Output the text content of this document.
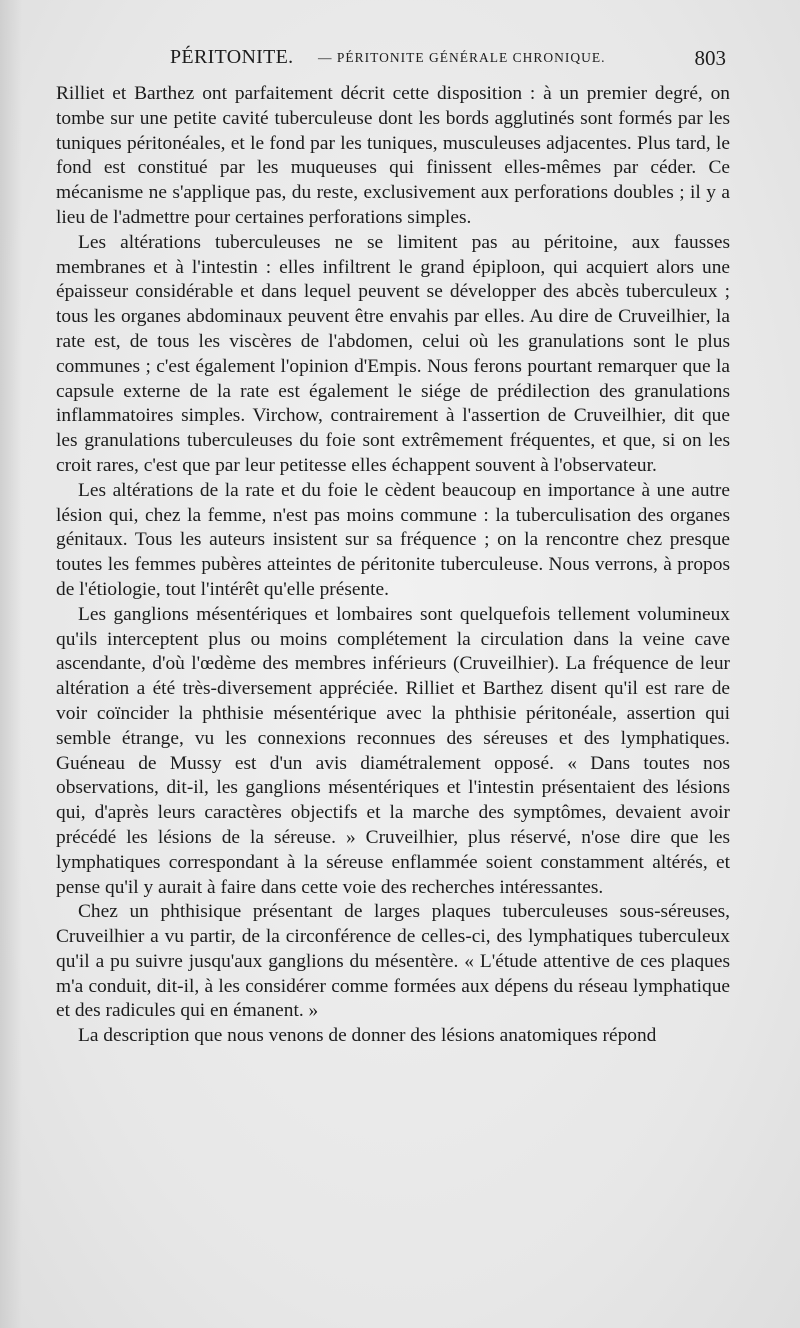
PÉRITONITE. — PÉRITONITE GÉNÉRALE CHRONIQUE.	803

Rilliet et Barthez ont parfaitement décrit cette disposition : à un premier degré, on tombe sur une petite cavité tuberculeuse dont les bords agglutinés sont formés par les tuniques péritonéales, et le fond par les tuniques, musculeuses adjacentes. Plus tard, le fond est constitué par les muqueuses qui finissent elles-mêmes par céder. Ce mécanisme ne s'applique pas, du reste, exclusivement aux perforations doubles ; il y a lieu de l'admettre pour certaines perforations simples.

Les altérations tuberculeuses ne se limitent pas au péritoine, aux fausses membranes et à l'intestin : elles infiltrent le grand épiploon, qui acquiert alors une épaisseur considérable et dans lequel peuvent se développer des abcès tuberculeux ; tous les organes abdominaux peuvent être envahis par elles. Au dire de Cruveilhier, la rate est, de tous les viscères de l'abdomen, celui où les granulations sont le plus communes ; c'est également l'opinion d'Empis. Nous ferons pourtant remarquer que la capsule externe de la rate est également le siége de prédilection des granulations inflammatoires simples. Virchow, contrairement à l'assertion de Cruveilhier, dit que les granulations tuberculeuses du foie sont extrêmement fréquentes, et que, si on les croit rares, c'est que par leur petitesse elles échappent souvent à l'observateur.

Les altérations de la rate et du foie le cèdent beaucoup en importance à une autre lésion qui, chez la femme, n'est pas moins commune : la tuberculisation des organes génitaux. Tous les auteurs insistent sur sa fréquence ; on la rencontre chez presque toutes les femmes pubères atteintes de péritonite tuberculeuse. Nous verrons, à propos de l'étiologie, tout l'intérêt qu'elle présente.

Les ganglions mésentériques et lombaires sont quelquefois tellement volumineux qu'ils interceptent plus ou moins complétement la circulation dans la veine cave ascendante, d'où l'œdème des membres inférieurs (Cruveilhier). La fréquence de leur altération a été très-diversement appréciée. Rilliet et Barthez disent qu'il est rare de voir coïncider la phthisie mésentérique avec la phthisie péritonéale, assertion qui semble étrange, vu les connexions reconnues des séreuses et des lymphatiques. Guéneau de Mussy est d'un avis diamétralement opposé. « Dans toutes nos observations, dit-il, les ganglions mésentériques et l'intestin présentaient des lésions qui, d'après leurs caractères objectifs et la marche des symptômes, devaient avoir précédé les lésions de la séreuse. » Cruveilhier, plus réservé, n'ose dire que les lymphatiques correspondant à la séreuse enflammée soient constamment altérés, et pense qu'il y aurait à faire dans cette voie des recherches intéressantes.

Chez un phthisique présentant de larges plaques tuberculeuses sous-séreuses, Cruveilhier a vu partir, de la circonférence de celles-ci, des lymphatiques tuberculeux qu'il a pu suivre jusqu'aux ganglions du mésentère. « L'étude attentive de ces plaques m'a conduit, dit-il, à les considérer comme formées aux dépens du réseau lymphatique et des radicules qui en émanent. »

La description que nous venons de donner des lésions anatomiques répond
